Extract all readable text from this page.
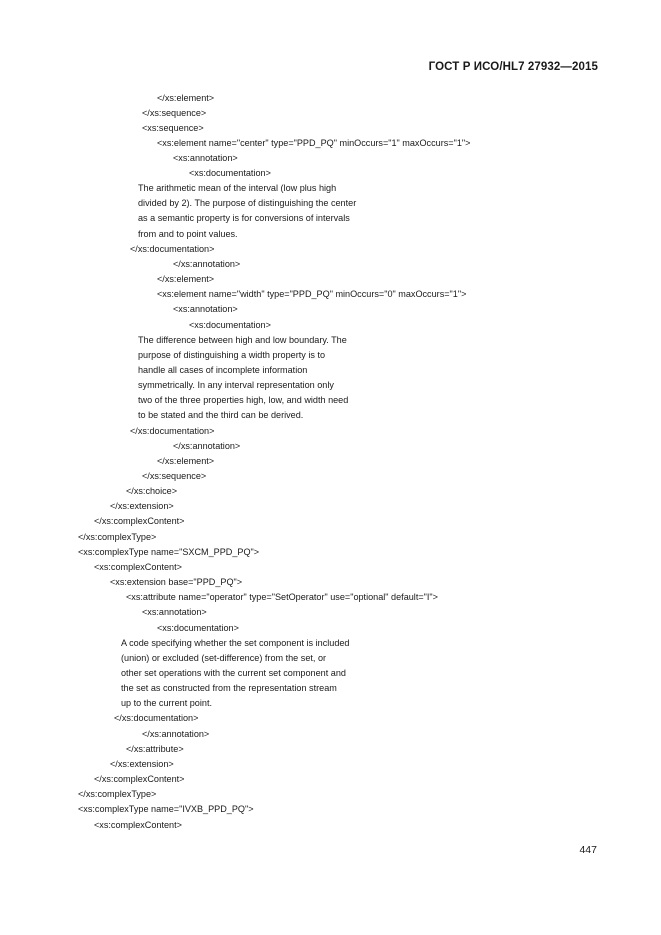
ГОСТ Р ИСО/HL7 27932—2015
</xs:element>
</xs:sequence>
<xs:sequence>
<xs:element name="center" type="PPD_PQ" minOccurs="1" maxOccurs="1">
<xs:annotation>
<xs:documentation>
The arithmetic mean of the interval (low plus high
divided by 2). The purpose of distinguishing the center
as a semantic property is for conversions of intervals
from and to point values.
</xs:documentation>
</xs:annotation>
</xs:element>
<xs:element name="width" type="PPD_PQ" minOccurs="0" maxOccurs="1">
<xs:annotation>
<xs:documentation>
The difference between high and low boundary. The
purpose of distinguishing a width property is to
handle all cases of incomplete information
symmetrically. In any interval representation only
two of the three properties high, low, and width need
to be stated and the third can be derived.
</xs:documentation>
</xs:annotation>
</xs:element>
</xs:sequence>
</xs:choice>
</xs:extension>
</xs:complexContent>
</xs:complexType>
<xs:complexType name="SXCM_PPD_PQ">
<xs:complexContent>
<xs:extension base="PPD_PQ">
<xs:attribute name="operator" type="SetOperator" use="optional" default="I">
<xs:annotation>
<xs:documentation>
A code specifying whether the set component is included
(union) or excluded (set-difference) from the set, or
other set operations with the current set component and
the set as constructed from the representation stream
up to the current point.
</xs:documentation>
</xs:annotation>
</xs:attribute>
</xs:extension>
</xs:complexContent>
</xs:complexType>
<xs:complexType name="IVXB_PPD_PQ">
<xs:complexContent>
447
